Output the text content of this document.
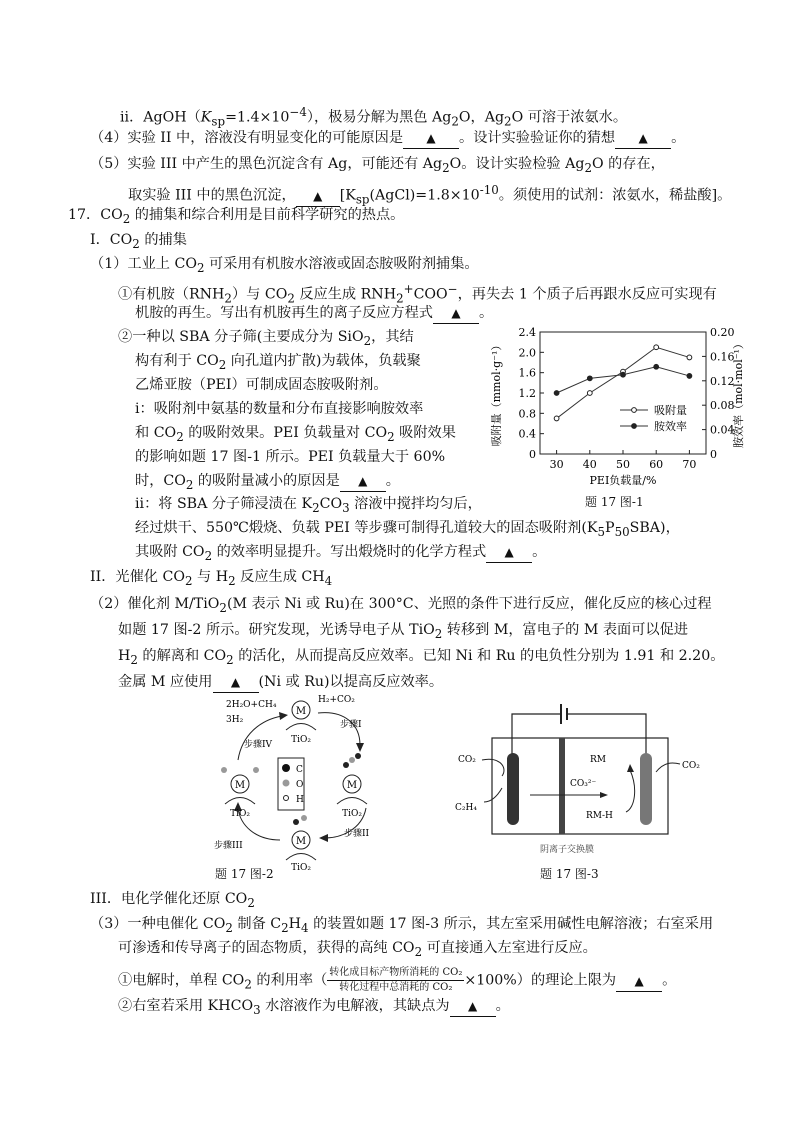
ii．$AgOH(K_{sp}=1.4\times 10^{-4})$，极易分解为黑色 $Ag_2O$，$Ag_2O$ 可溶于浓氨水。
（4）实验 II 中，溶液没有明显变化的可能原因是 ▲ 。设计实验验证你的猜想 ▲ 。
（5）实验 III 中产生的黑色沉淀含有 Ag，可能还有 $Ag_2O$。设计实验检验 $Ag_2O$ 的存在，
取实验 III 中的黑色沉淀， ▲ [$K_{sp}(AgCl)=1.8\times 10^{-10}$。须使用的试剂：浓氨水，稀盐酸]。
17．$CO_2$ 的捕集和综合利用是目前科学研究的热点。
I．$CO_2$ 的捕集
（1）工业上 $CO_2$ 可采用有机胺水溶液或固态胺吸附剂捕集。
①有机胺$(RNH_2)$与 $CO_2$ 反应生成 $RNH_2^+COO^-$，再失去 1 个质子后再跟水反应可实现有
机胺的再生。写出有机胺再生的离子反应方程式 ▲ 。
②一种以 SBA 分子筛(主要成分为 SiO$_2$，其结
构有利于 $CO_2$ 向孔道内扩散)为载体，负载聚
乙烯亚胺（PEI）可制成固态胺吸附剂。
i：吸附剂中氨基的数量和分布直接影响胺效率
和 $CO_2$ 的吸附效果。PEI 负载量对 $CO_2$ 吸附效果
的影响如题 17 图-1 所示。PEI 负载量大于 60%
时，$CO_2$ 的吸附量减小的原因是 ▲ 。
ii：将 SBA 分子筛浸渍在 $K_2CO_3$ 溶液中搅拌均匀后，
经过烘干、550℃煅烧、负载 PEI 等步骤可制得孔道较大的固态吸附剂$(K_5P_{50}SBA)$，
其吸附 $CO_2$ 的效率明显提升。写出煅烧时的化学方程式 ▲ 。
II．光催化 $CO_2$ 与 $H_2$ 反应生成 $CH_4$
（2）催化剂 M/TiO$_2$(M 表示 Ni 或 Ru)在 300°C、光照的条件下进行反应，催化反应的核心过程
如题 17 图-2 所示。研究发现，光诱导电子从 TiO$_2$ 转移到 M，富电子的 M 表面可以促进
$H_2$ 的解离和 $CO_2$ 的活化，从而提高反应效率。已知 Ni 和 Ru 的电负性分别为 1.91 和 2.20。
金属 M 应使用 ▲ (Ni 或 Ru)以提高反应效率。
0
0.4
0.8
1.2
1.6
2.0
2.4
0
0.04
0.08
0.12
0.16
0.20
30 40 50 60 70
PEI负载量/%
吸附量（mmol·g⁻¹）	胺效率（mol·mol⁻¹）
吸附量
胺效率
题 17 图-1
M
TiO₂
M
TiO₂
M
TiO₂
M
TiO₂
C
O
H
H₂+CO₂
2H₂O+CH₄
3H₂	步骤I
步骤II
步骤III
步骤IV
题 17 图-2
CO₃²⁻
CO₂
C₂H₄
RM
RM-H
CO₂
阴离子交换膜
题 17 图-3
III．电化学催化还原 $CO_2$
（3）一种电催化 $CO_2$ 制备 $C_2H_4$ 的装置如题 17 图-3 所示，其左室采用碱性电解溶液；右室采用
可渗透和传导离子的固态物质，获得的高纯 $CO_2$ 可直接通入左室进行反应。
①电解时，单程 $CO_2$ 的利用率（ 转化成目标产物所消耗的 CO₂
转化过程中总消耗的 CO₂ ×100%）的理论上限为 ▲ 。
②右室若采用 $KHCO_3$ 水溶液作为电解液，其缺点为 ▲ 。
